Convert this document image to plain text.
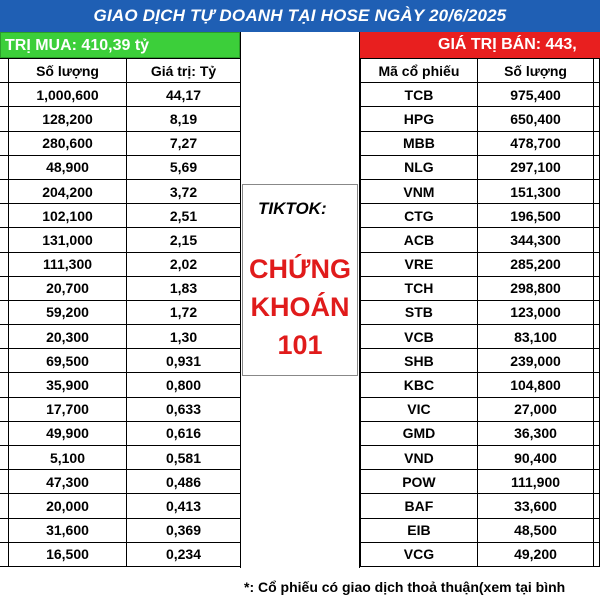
GIAO DỊCH TỰ DOANH TẠI HOSE NGÀY 20/6/2025
TRỊ MUA: 410,39 tỷ	GIÁ TRỊ BÁN: 443,
	Số lượng	Giá trị: Tỷ
	1,000,600	44,17
	128,200	8,19
	280,600	7,27
	48,900	5,69
	204,200	3,72
	102,100	2,51
	131,000	2,15
	111,300	2,02
	20,700	1,83
	59,200	1,72
	20,300	1,30
	69,500	0,931
	35,900	0,800
	17,700	0,633
	49,900	0,616
	5,100	0,581
	47,300	0,486
	20,000	0,413
	31,600	0,369
	16,500	0,234
TIKTOK:
CHỨNG
KHOÁN
101
Mã cổ phiếu	Số lượng	
TCB	975,400	
HPG	650,400	
MBB	478,700	
NLG	297,100	
VNM	151,300	
CTG	196,500	
ACB	344,300	
VRE	285,200	
TCH	298,800	
STB	123,000	
VCB	83,100	
SHB	239,000	
KBC	104,800	
VIC	27,000	
GMD	36,300	
VND	90,400	
POW	111,900	
BAF	33,600	
EIB	48,500	
VCG	49,200	
*: Cổ phiếu có giao dịch thoả thuận(xem tại bình
